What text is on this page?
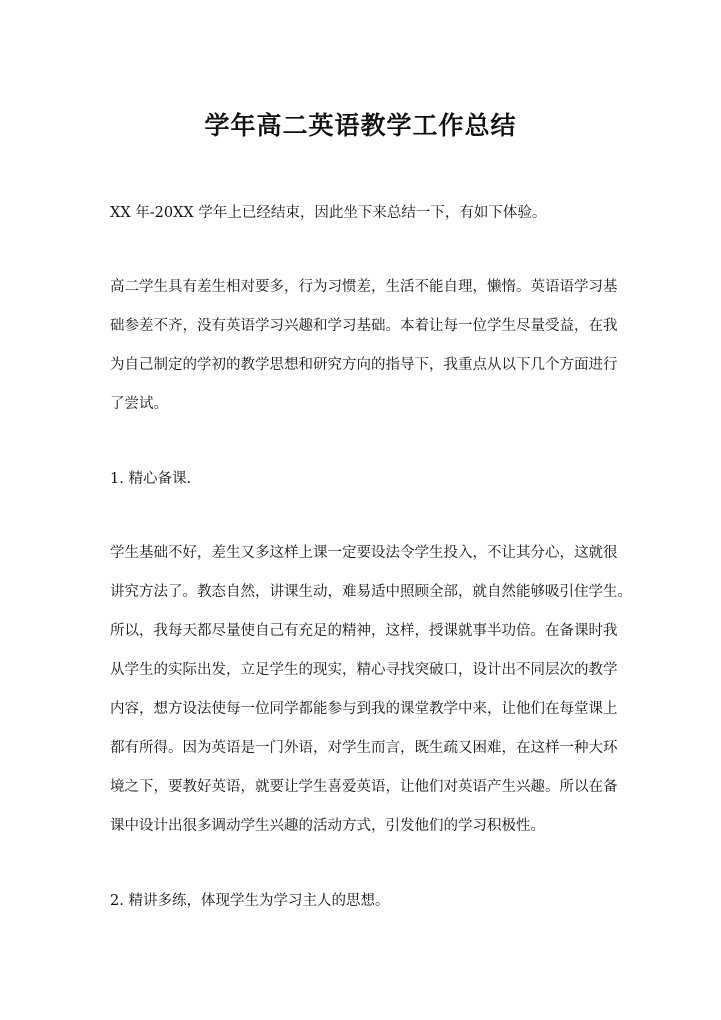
学年高二英语教学工作总结
XX 年-20XX 学年上已经结束，因此坐下来总结一下，有如下体验。
高二学生具有差生相对要多，行为习惯差，生活不能自理，懒惰。英语语学习基
础参差不齐，没有英语学习兴趣和学习基础。本着让每一位学生尽量受益，在我
为自己制定的学初的教学思想和研究方向的指导下，我重点从以下几个方面进行
了尝试。
1. 精心备课.
学生基础不好，差生又多这样上课一定要设法令学生投入，不让其分心，这就很
讲究方法了。教态自然，讲课生动，难易适中照顾全部，就自然能够吸引住学生。
所以，我每天都尽量使自己有充足的精神，这样，授课就事半功倍。在备课时我
从学生的实际出发，立足学生的现实，精心寻找突破口，设计出不同层次的教学
内容，想方设法使每一位同学都能参与到我的课堂教学中来，让他们在每堂课上
都有所得。因为英语是一门外语，对学生而言，既生疏又困难，在这样一种大环
境之下，要教好英语，就要让学生喜爱英语，让他们对英语产生兴趣。所以在备
课中设计出很多调动学生兴趣的活动方式，引发他们的学习积极性。
2. 精讲多练，体现学生为学习主人的思想。
